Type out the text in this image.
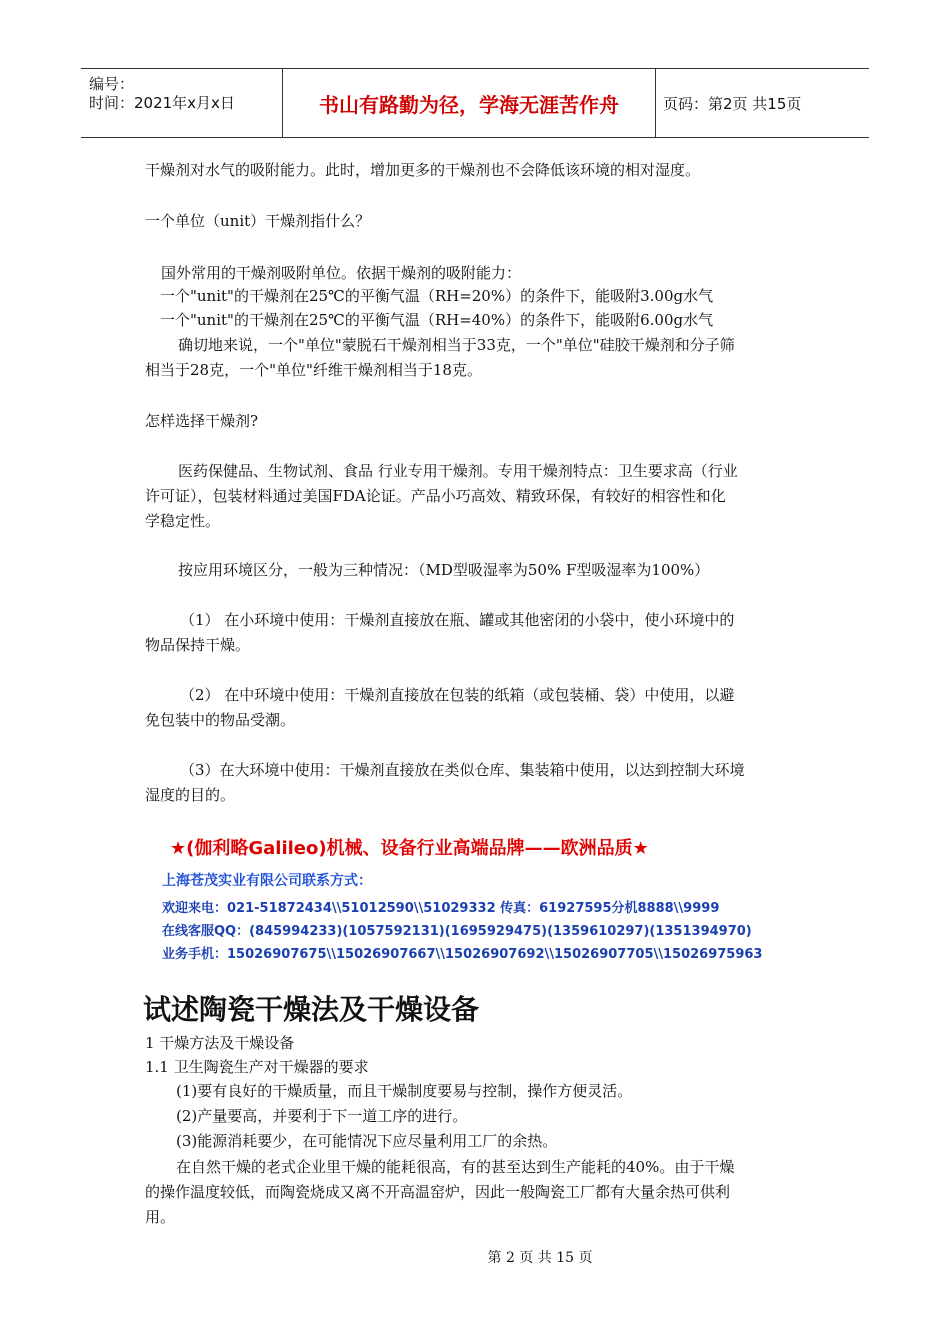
编号：
时间：2021年x月x日	书山有路勤为径，学海无涯苦作舟	页码：第2页 共15页
干燥剂对水气的吸附能力。此时，增加更多的干燥剂也不会降低该环境的相对湿度。
一个单位（unit）干燥剂指什么？
国外常用的干燥剂吸附单位。依据干燥剂的吸附能力：
一个"unit"的干燥剂在25℃的平衡气温（RH=20%）的条件下，能吸附3.00g水气
一个"unit"的干燥剂在25℃的平衡气温（RH=40%）的条件下，能吸附6.00g水气
确切地来说，一个"单位"蒙脱石干燥剂相当于33克，一个"单位"硅胶干燥剂和分子筛
相当于28克，一个"单位"纤维干燥剂相当于18克。
怎样选择干燥剂?
医药保健品、生物试剂、食品 行业专用干燥剂。专用干燥剂特点：卫生要求高（行业
许可证），包装材料通过美国FDA论证。产品小巧高效、精致环保，有较好的相容性和化
学稳定性。
按应用环境区分，一般为三种情况：（MD型吸湿率为50% F型吸湿率为100%）
（1） 在小环境中使用：干燥剂直接放在瓶、罐或其他密闭的小袋中，使小环境中的
物品保持干燥。
（2） 在中环境中使用：干燥剂直接放在包装的纸箱（或包装桶、袋）中使用，以避
免包装中的物品受潮。
（3）在大环境中使用：干燥剂直接放在类似仓库、集装箱中使用，以达到控制大环境
湿度的目的。
★(伽利略Galileo)机械、设备行业高端品牌——欧洲品质★
上海苍茂实业有限公司联系方式：
欢迎来电：021-51872434\\51012590\\51029332 传真：61927595分机8888\\9999
在线客服QQ：(845994233)(1057592131)(1695929475)(1359610297)(1351394970)
业务手机：15026907675\\15026907667\\15026907692\\15026907705\\15026975963
试述陶瓷干燥法及干燥设备
1 干燥方法及干燥设备
1.1 卫生陶瓷生产对干燥器的要求
(1)要有良好的干燥质量，而且干燥制度要易与控制，操作方便灵活。
(2)产量要高，并要利于下一道工序的进行。
(3)能源消耗要少，在可能情况下应尽量利用工厂的余热。
在自然干燥的老式企业里干燥的能耗很高，有的甚至达到生产能耗的40%。由于干燥
的操作温度较低，而陶瓷烧成又离不开高温窑炉，因此一般陶瓷工厂都有大量余热可供利
用。
第 2 页 共 15 页
